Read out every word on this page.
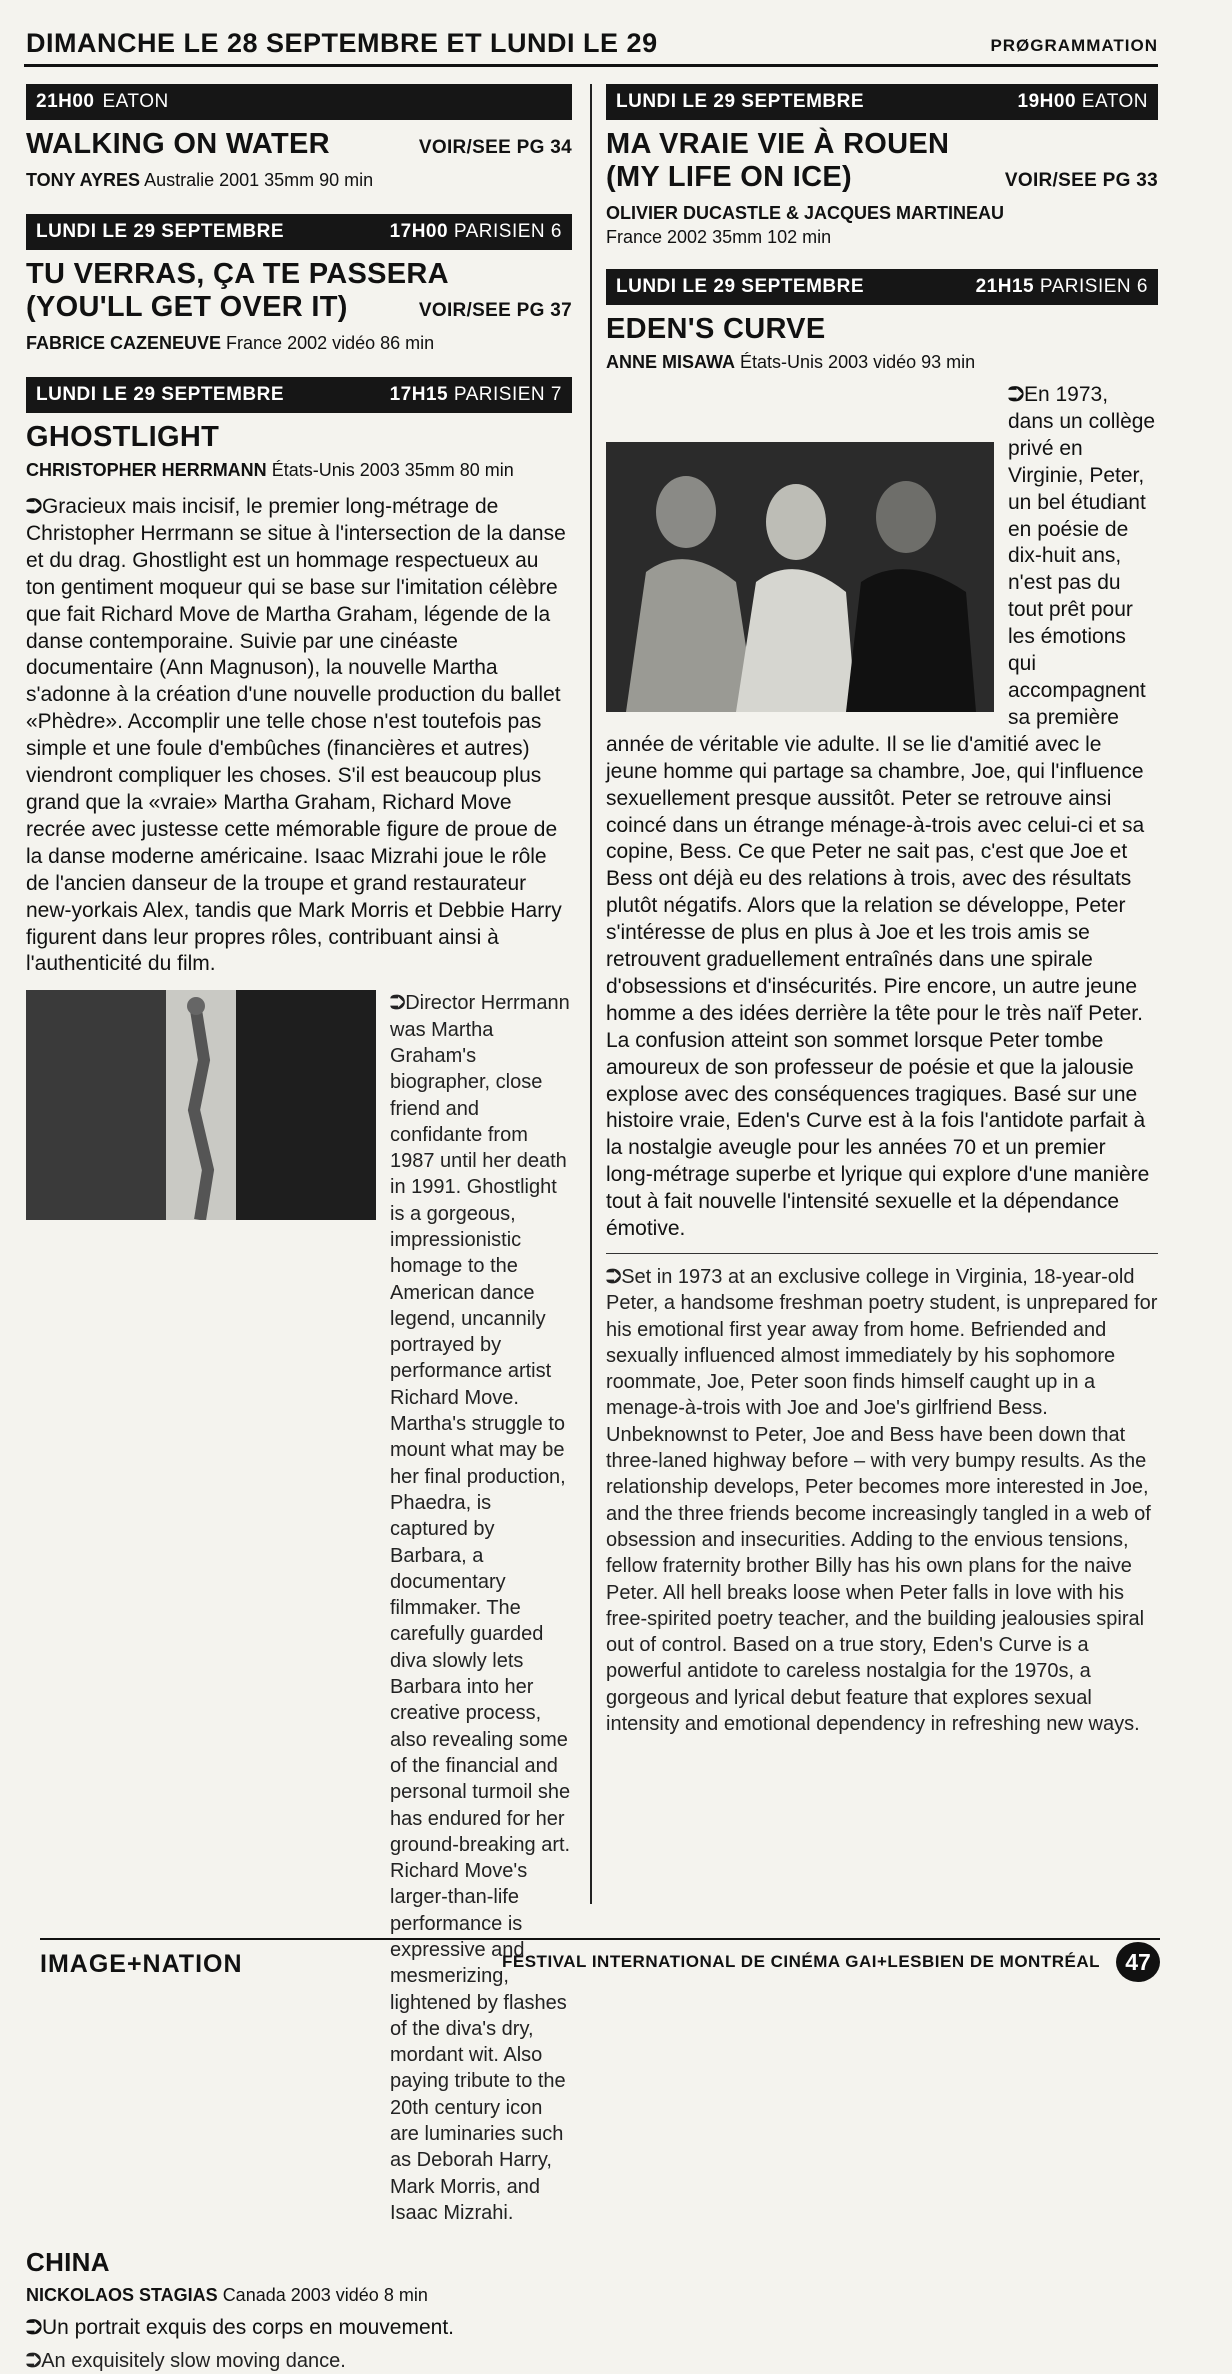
DIMANCHE LE 28 SEPTEMBRE ET LUNDI LE 29	PRØGRAMMATION
21H00 EATON
WALKING ON WATER	VOIR/SEE PG 34
TONY AYRES Australie 2001 35mm 90 min
LUNDI LE 29 SEPTEMBRE	17H00 PARISIEN 6
TU VERRAS, ÇA TE PASSERA
(YOU'LL GET OVER IT)	VOIR/SEE PG 37
FABRICE CAZENEUVE France 2002 vidéo 86 min
LUNDI LE 29 SEPTEMBRE	17H15 PARISIEN 7
GHOSTLIGHT
CHRISTOPHER HERRMANN États-Unis 2003 35mm 80 min
⮊Gracieux mais incisif, le premier long-métrage de Christopher Herrmann se situe à l'intersection de la danse et du drag. Ghostlight est un hommage respectueux au ton gentiment moqueur qui se base sur l'imitation célèbre que fait Richard Move de Martha Graham, légende de la danse contemporaine. Suivie par une cinéaste documentaire (Ann Magnuson), la nouvelle Martha s'adonne à la création d'une nouvelle production du ballet «Phèdre». Accomplir une telle chose n'est toutefois pas simple et une foule d'embûches (financières et autres) viendront compliquer les choses. S'il est beaucoup plus grand que la «vraie» Martha Graham, Richard Move recrée avec justesse cette mémorable figure de proue de la danse moderne américaine. Isaac Mizrahi joue le rôle de l'ancien danseur de la troupe et grand restaurateur new-yorkais Alex, tandis que Mark Morris et Debbie Harry figurent dans leur propres rôles, contribuant ainsi à l'authenticité du film.
⮊Director Herrmann was Martha Graham's biographer, close friend and confidante from 1987 until her death in 1991. Ghostlight is a gorgeous, impressionistic homage to the American dance legend, uncannily portrayed by performance artist Richard Move. Martha's struggle to mount what may be her final production, Phaedra, is captured by Barbara, a documentary filmmaker. The carefully guarded diva slowly lets Barbara into her creative process, also revealing some of the financial and personal turmoil she has endured for her ground-breaking art. Richard Move's larger-than-life performance is expressive and mesmerizing, lightened by flashes of the diva's dry, mordant wit. Also paying tribute to the 20th century icon are luminaries such as Deborah Harry, Mark Morris, and Isaac Mizrahi.
CHINA
NICKOLAOS STAGIAS Canada 2003 vidéo 8 min
⮊Un portrait exquis des corps en mouvement.
⮊An exquisitely slow moving dance.
LUNDI LE 29 SEPTEMBRE	19H00 EATON
MA VRAIE VIE À ROUEN
(MY LIFE ON ICE)	VOIR/SEE PG 33
OLIVIER DUCASTLE & JACQUES MARTINEAU
France 2002 35mm 102 min
LUNDI LE 29 SEPTEMBRE	21H15 PARISIEN 6
EDEN'S CURVE
ANNE MISAWA États-Unis 2003 vidéo 93 min
⮊En 1973, dans un collège privé en Virginie, Peter, un bel étudiant en poésie de dix-huit ans, n'est pas du tout prêt pour les émotions qui accompagnent sa première année de véritable vie adulte. Il se lie d'amitié avec le jeune homme qui partage sa chambre, Joe, qui l'influence sexuellement presque aussitôt. Peter se retrouve ainsi coincé dans un étrange ménage-à-trois avec celui-ci et sa copine, Bess. Ce que Peter ne sait pas, c'est que Joe et Bess ont déjà eu des relations à trois, avec des résultats plutôt négatifs. Alors que la relation se développe, Peter s'intéresse de plus en plus à Joe et les trois amis se retrouvent graduellement entraînés dans une spirale d'obsessions et d'insécurités. Pire encore, un autre jeune homme a des idées derrière la tête pour le très naïf Peter. La confusion atteint son sommet lorsque Peter tombe amoureux de son professeur de poésie et que la jalousie explose avec des conséquences tragiques. Basé sur une histoire vraie, Eden's Curve est à la fois l'antidote parfait à la nostalgie aveugle pour les années 70 et un premier long-métrage superbe et lyrique qui explore d'une manière tout à fait nouvelle l'intensité sexuelle et la dépendance émotive.
⮊Set in 1973 at an exclusive college in Virginia, 18-year-old Peter, a handsome freshman poetry student, is unprepared for his emotional first year away from home. Befriended and sexually influenced almost immediately by his sophomore roommate, Joe, Peter soon finds himself caught up in a menage-à-trois with Joe and Joe's girlfriend Bess. Unbeknownst to Peter, Joe and Bess have been down that three-laned highway before – with very bumpy results. As the relationship develops, Peter becomes more interested in Joe, and the three friends become increasingly tangled in a web of obsession and insecurities. Adding to the envious tensions, fellow fraternity brother Billy has his own plans for the naive Peter. All hell breaks loose when Peter falls in love with his free-spirited poetry teacher, and the building jealousies spiral out of control. Based on a true story, Eden's Curve is a powerful antidote to careless nostalgia for the 1970s, a gorgeous and lyrical debut feature that explores sexual intensity and emotional dependency in refreshing new ways.
IMAGE+NATION	FESTIVAL INTERNATIONAL DE CINÉMA GAI+LESBIEN DE MONTRÉAL	47
